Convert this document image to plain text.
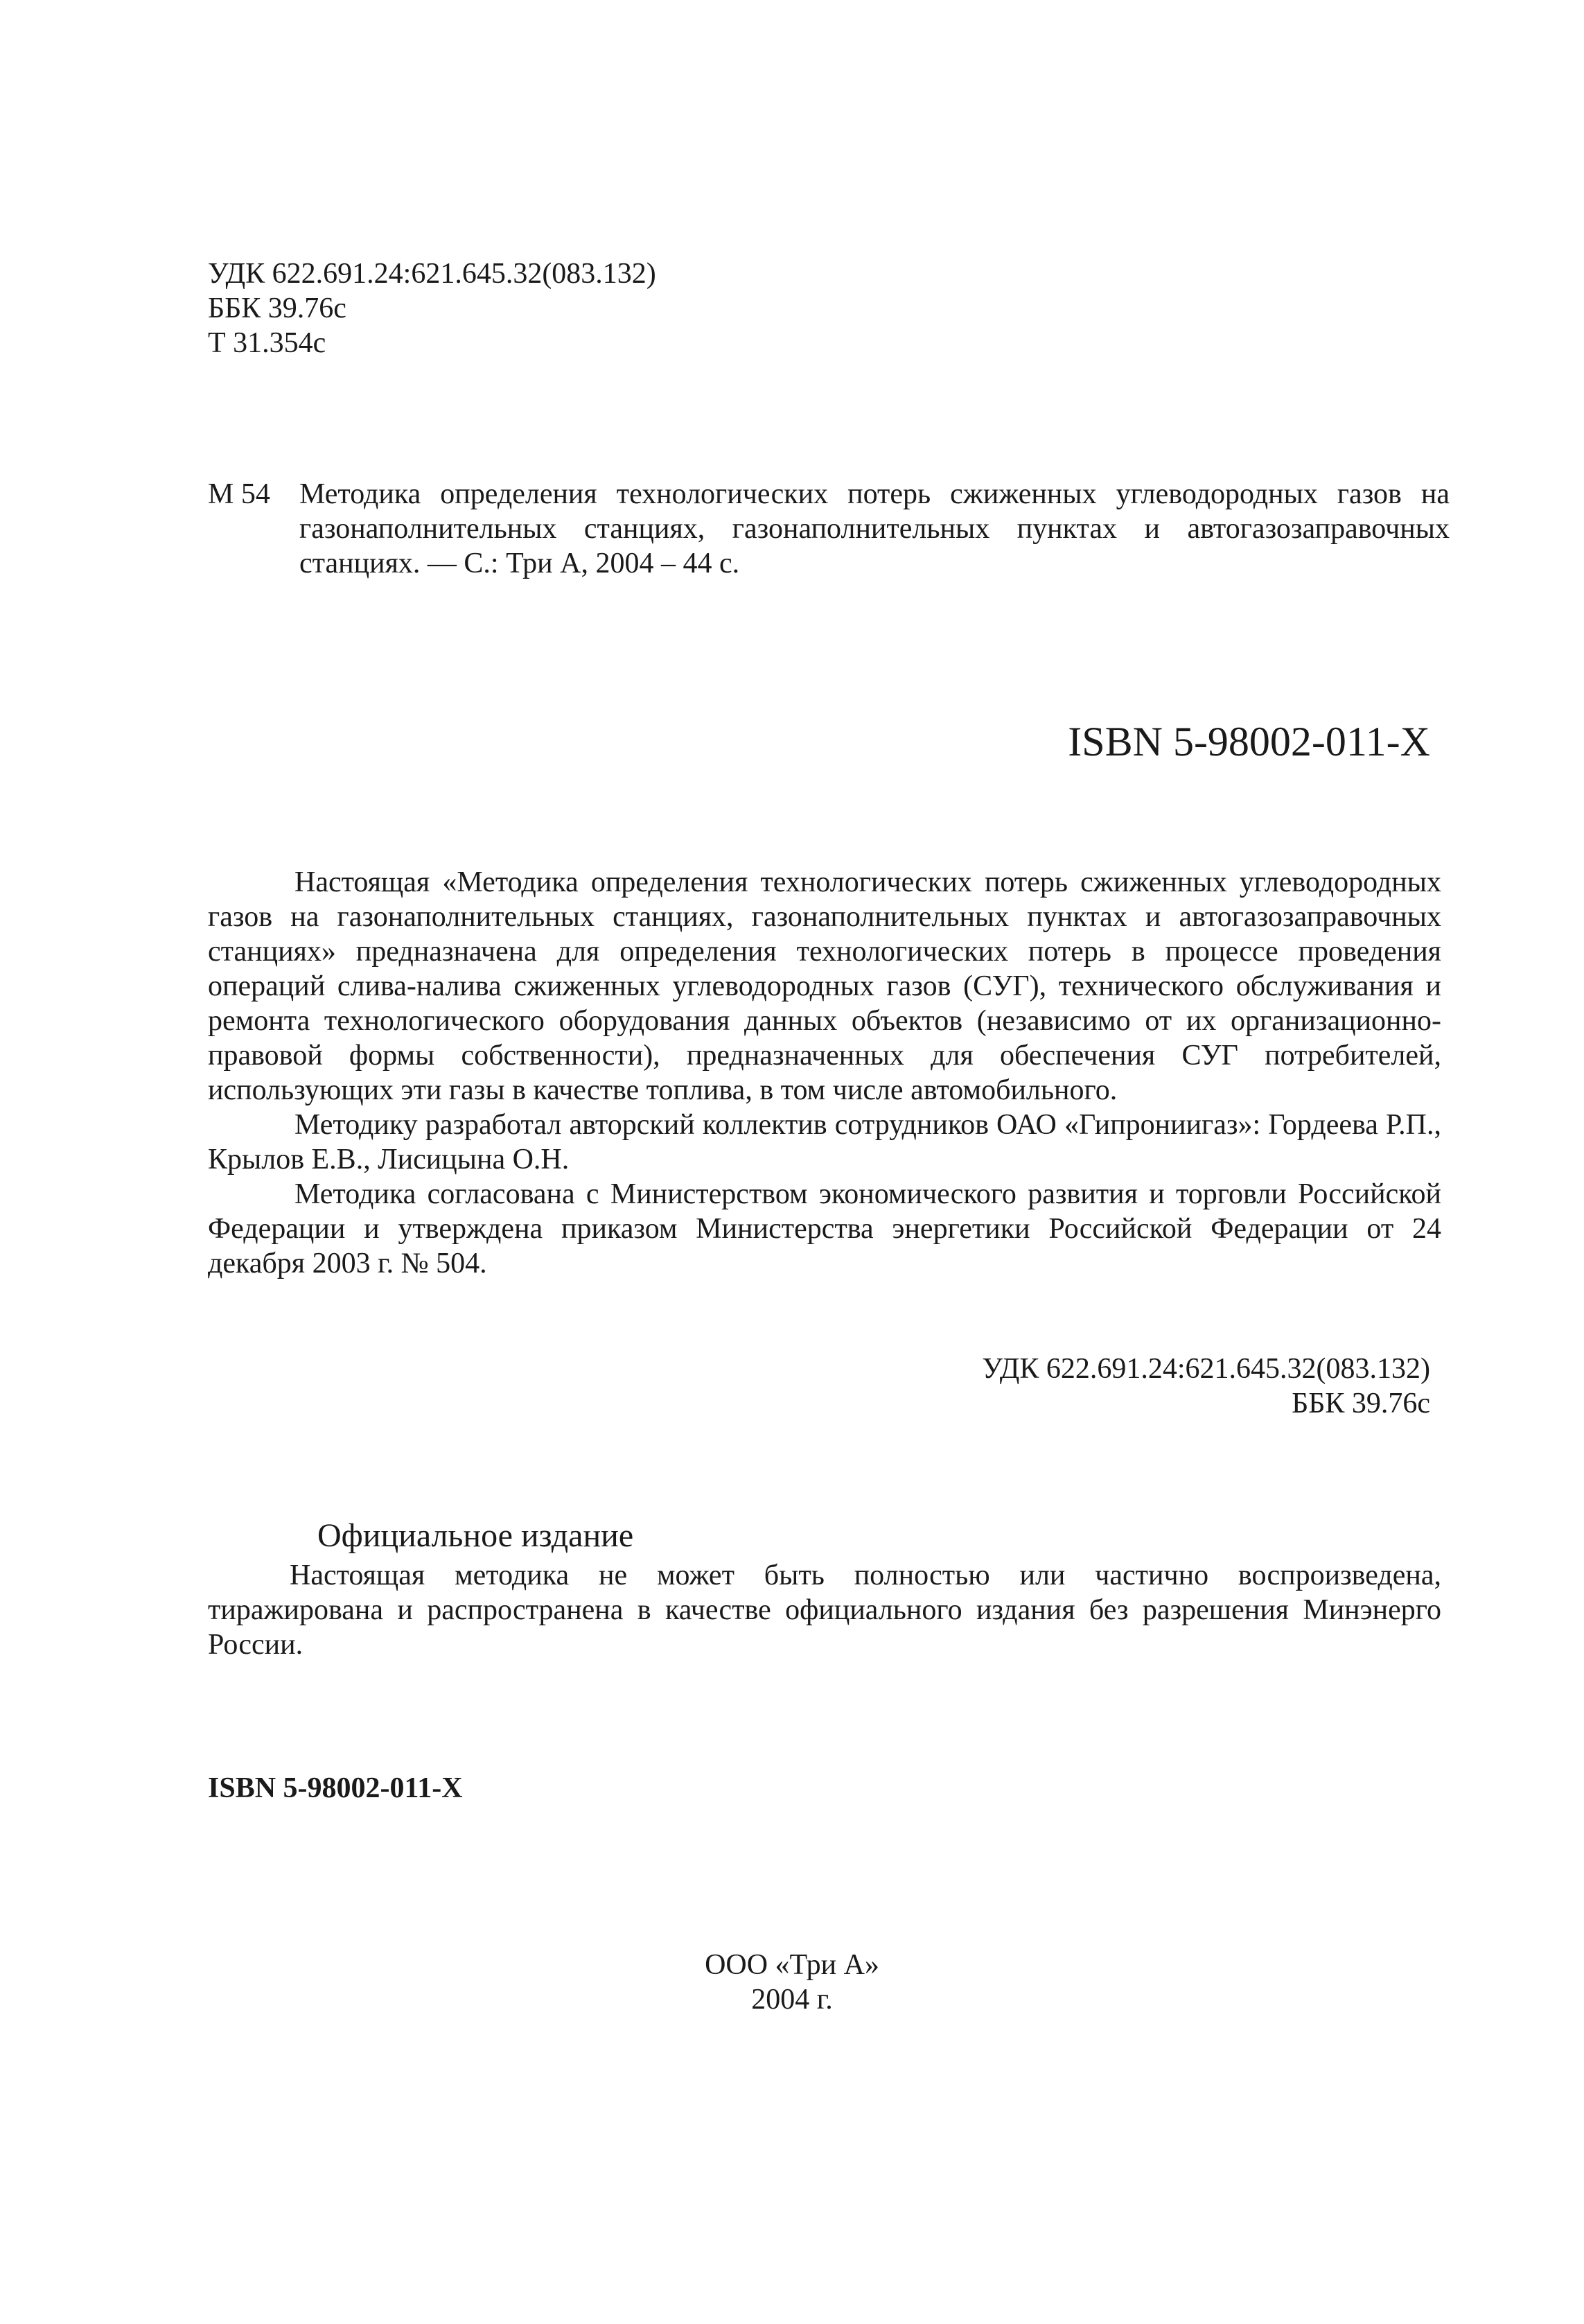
УДК 622.691.24:621.645.32(083.132)
ББК 39.76с
Т 31.354с
М 54 Методика определения технологических потерь сжиженных углеводородных газов на газонаполнительных станциях, газонаполнительных пунктах и автогазозаправочных станциях. — С.: Три А, 2004 – 44 с.
ISBN 5-98002-011-Х

Настоящая «Методика определения технологических потерь сжиженных углеводородных газов на газонаполнительных станциях, газонаполнительных пунктах и автогазозаправочных станциях» предназначена для определения технологических потерь в процессе проведения операций слива-налива сжиженных углеводородных газов (СУГ), технического обслуживания и ремонта технологического оборудования данных объектов (независимо от их организационно-правовой формы собственности), предназначенных для обеспечения СУГ потребителей, использующих эти газы в качестве топлива, в том числе автомобильного.

Методику разработал авторский коллектив сотрудников ОАО «Гипрониигаз»: Гордеева Р.П., Крылов Е.В., Лисицына О.Н.

Методика согласована с Министерством экономического развития и торговли Российской Федерации и утверждена приказом Министерства энергетики Российской Федерации от 24 декабря 2003 г. № 504.

УДК 622.691.24:621.645.32(083.132)
ББК 39.76с
Официальное издание

Настоящая методика не может быть полностью или частично воспроизведена, тиражирована и распространена в качестве официального издания без разрешения Минэнерго России.

ISBN 5-98002-011-Х
ООО «Три А»
2004 г.
